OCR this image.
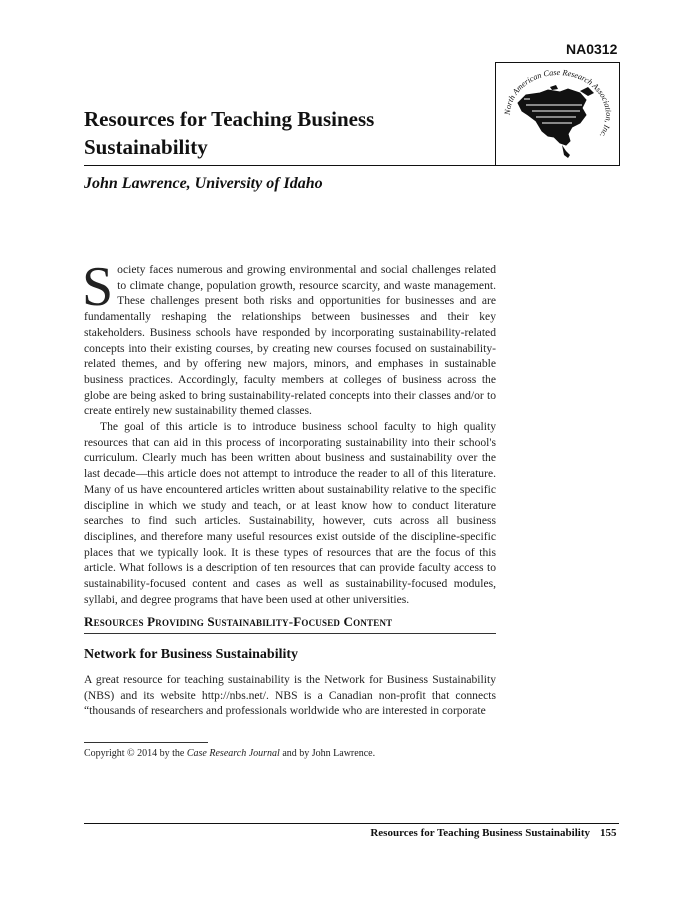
NA0312
North American Case Research Association, Inc.
Resources for Teaching Business
Sustainability
John Lawrence, University of Idaho

Society faces numerous and growing environmental and social challenges related to climate change, population growth, resource scarcity, and waste management. These challenges present both risks and opportunities for businesses and are fundamentally reshaping the relationships between businesses and their key stakeholders. Business schools have responded by incorporating sustainability-related concepts into their existing courses, by creating new courses focused on sustainability-related themes, and by offering new majors, minors, and emphases in sustainable business practices. Accordingly, faculty members at colleges of business across the globe are being asked to bring sustainability-related concepts into their classes and/or to create entirely new sustainability themed classes.

The goal of this article is to introduce business school faculty to high quality resources that can aid in this process of incorporating sustainability into their school's curriculum. Clearly much has been written about business and sustainability over the last decade—this article does not attempt to introduce the reader to all of this literature. Many of us have encountered articles written about sustainability relative to the specific discipline in which we study and teach, or at least know how to conduct literature searches to find such articles. Sustainability, however, cuts across all business disciplines, and therefore many useful resources exist outside of the discipline-specific places that we typically look. It is these types of resources that are the focus of this article. What follows is a description of ten resources that can provide faculty access to sustainability-focused content and cases as well as sustainability-focused modules, syllabi, and degree programs that have been used at other universities.

Resources Providing Sustainability-Focused Content
Network for Business Sustainability

A great resource for teaching sustainability is the Network for Business Sustainability (NBS) and its website http://nbs.net/. NBS is a Canadian non-profit that connects “thousands of researchers and professionals worldwide who are interested in corporate

Copyright © 2014 by the Case Research Journal and by John Lawrence.
Resources for Teaching Business Sustainability 155
